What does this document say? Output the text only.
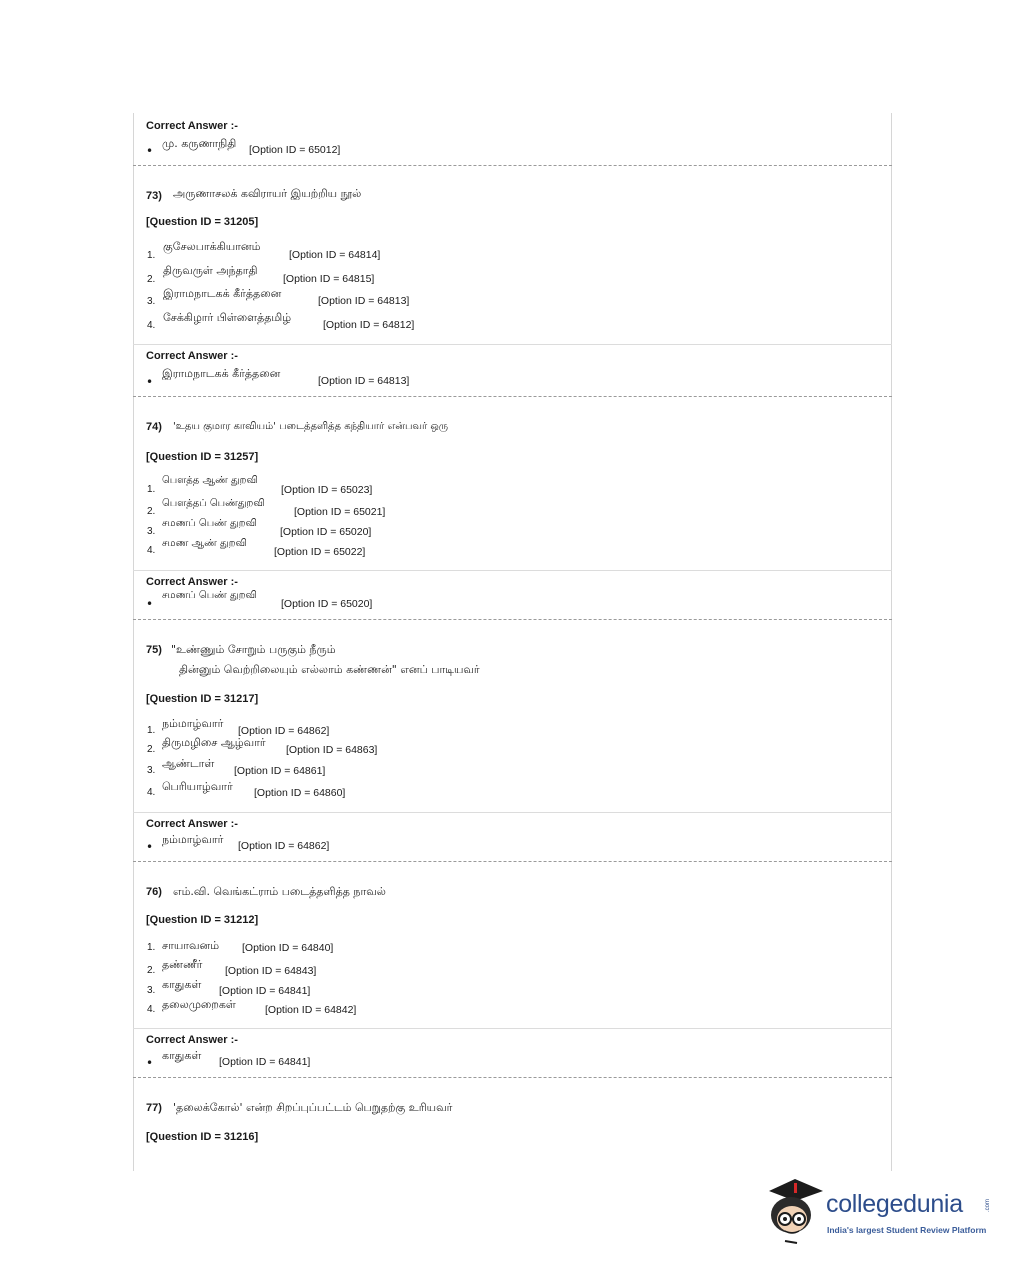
Correct Answer :-
•
மு. கருணாநிதி [Option ID = 65012]
73) அருணாசலக் கவிராயர் இயற்றிய நூல்
[Question ID = 31205]
1.
குசேலபாக்கியானம்
[Option ID = 64814]
2.
திருவருள் அந்தாதி
[Option ID = 64815]
3.
இராமநாடகக் கீர்த்தனை
[Option ID = 64813]
4.
சேக்கிழார் பிள்ளைத்தமிழ்
[Option ID = 64812]
Correct Answer :-
•
இராமநாடகக் கீர்த்தனை
[Option ID = 64813]
74) 'உதய குமார காவியம்' படைத்தளித்த கந்தியார் என்பவர் ஒரு
[Question ID = 31257]
1.
பௌத்த ஆண் துறவி
[Option ID = 65023]
2.
பௌத்தப் பெண்துறவி
[Option ID = 65021]
3.
சமணப் பெண் துறவி
[Option ID = 65020]
4.
சமண ஆண் துறவி
[Option ID = 65022]
Correct Answer :-
•
சமணப் பெண் துறவி
[Option ID = 65020]
75) "உண்ணும் சோறும் பருகும் நீரும்
தின்னும் வெற்றிலையும் எல்லாம் கண்ணன்" எனப் பாடியவர்
[Question ID = 31217]
1.
நம்மாழ்வார்
[Option ID = 64862]
2.
திருமழிசை ஆழ்வார்
[Option ID = 64863]
3.
ஆண்டாள்
[Option ID = 64861]
4. பெரியாழ்வார் [Option ID = 64860]
Correct Answer :-
•
நம்மாழ்வார் [Option ID = 64862]
76) எம்.வி. வெங்கட்ராம் படைத்தளித்த நாவல்
[Question ID = 31212]
1. சாயாவனம் [Option ID = 64840]
2. தண்ணீர் [Option ID = 64843]
3. காதுகள் [Option ID = 64841]
4. தலைமுறைகள்	[Option ID = 64842]
Correct Answer :-
•
காதுகள் [Option ID = 64841]
77) 'தலைக்கோல்' என்ற சிறப்புப்பட்டம் பெறுதற்கு உரியவர்
[Question ID = 31216]
collegedunia	.com
India's largest Student Review Platform
